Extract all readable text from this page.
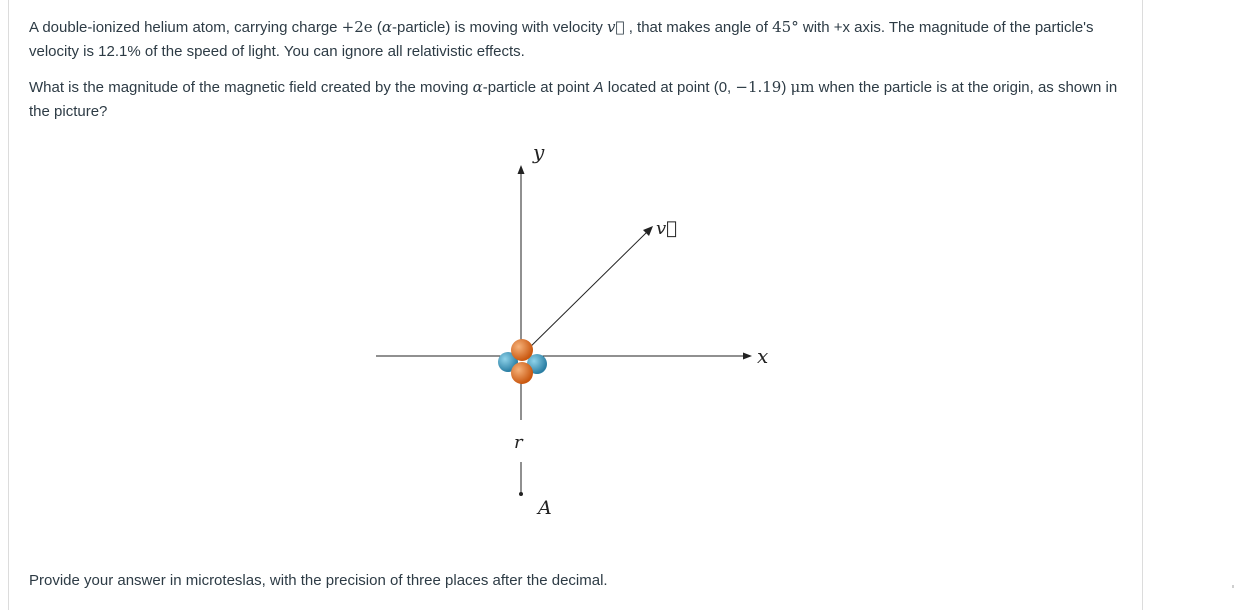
A double-ionized helium atom, carrying charge +2e (α-particle) is moving with velocity v⃗ , that makes angle of 45° with +x axis. The magnitude of the particle's velocity is 12.1% of the speed of light. You can ignore all relativistic effects.
What is the magnitude of the magnetic field created by the moving α-particle at point A located at point (0, −1.19) μm when the particle is at the origin, as shown in the picture?
y
x
v⃗
r
A
Provide your answer in microteslas, with the precision of three places after the decimal.
